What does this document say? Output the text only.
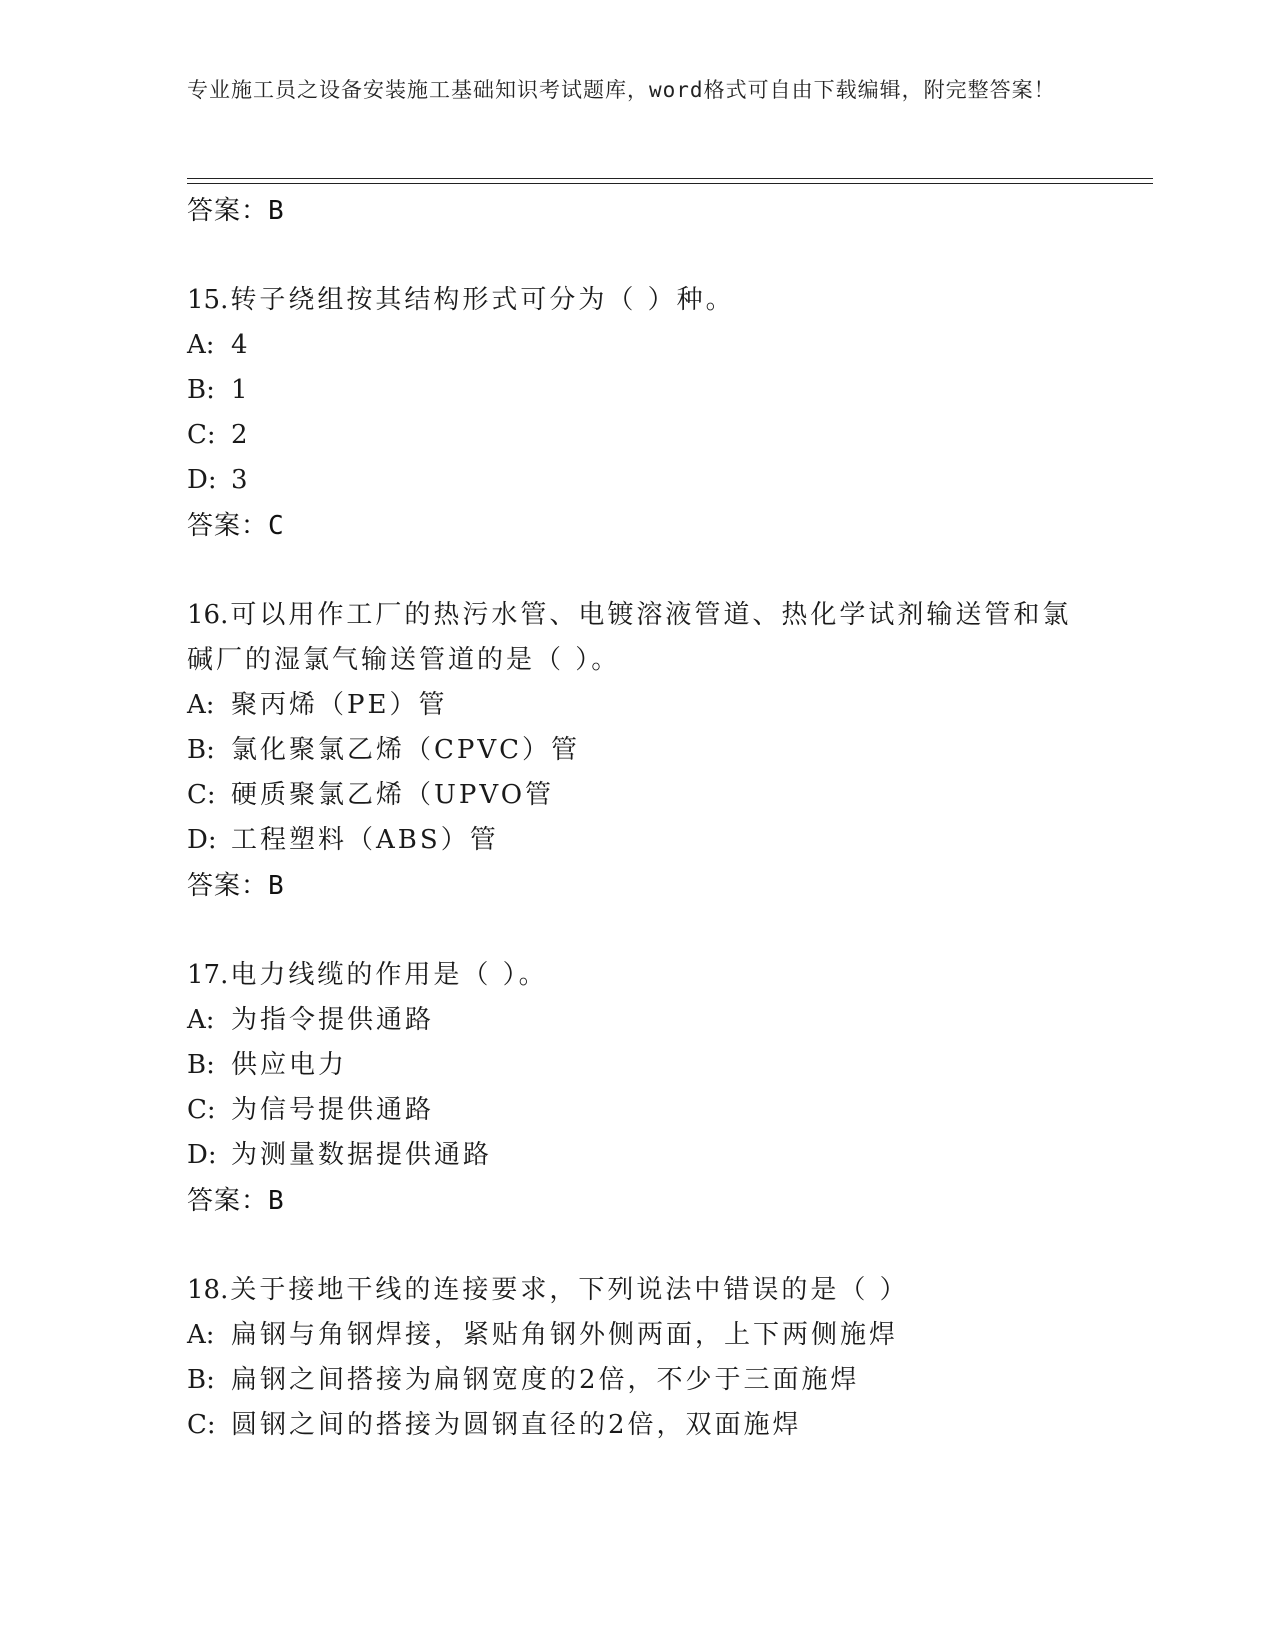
专业施工员之设备安装施工基础知识考试题库，word格式可自由下载编辑，附完整答案！
答案：B
15.转子绕组按其结构形式可分为（ ）种。
A: 4
B: 1
C: 2
D: 3
答案：C
16.可以用作工厂的热污水管、电镀溶液管道、热化学试剂输送管和氯碱厂的湿氯气输送管道的是（ ）。
A: 聚丙烯（PE）管
B: 氯化聚氯乙烯（CPVC）管
C: 硬质聚氯乙烯（UPVO管
D: 工程塑料（ABS）管
答案：B
17.电力线缆的作用是（ ）。
A: 为指令提供通路
B: 供应电力
C: 为信号提供通路
D: 为测量数据提供通路
答案：B
18.关于接地干线的连接要求，下列说法中错误的是（ ）
A: 扁钢与角钢焊接，紧贴角钢外侧两面，上下两侧施焊
B: 扁钢之间搭接为扁钢宽度的2倍，不少于三面施焊
C: 圆钢之间的搭接为圆钢直径的2倍，双面施焊
